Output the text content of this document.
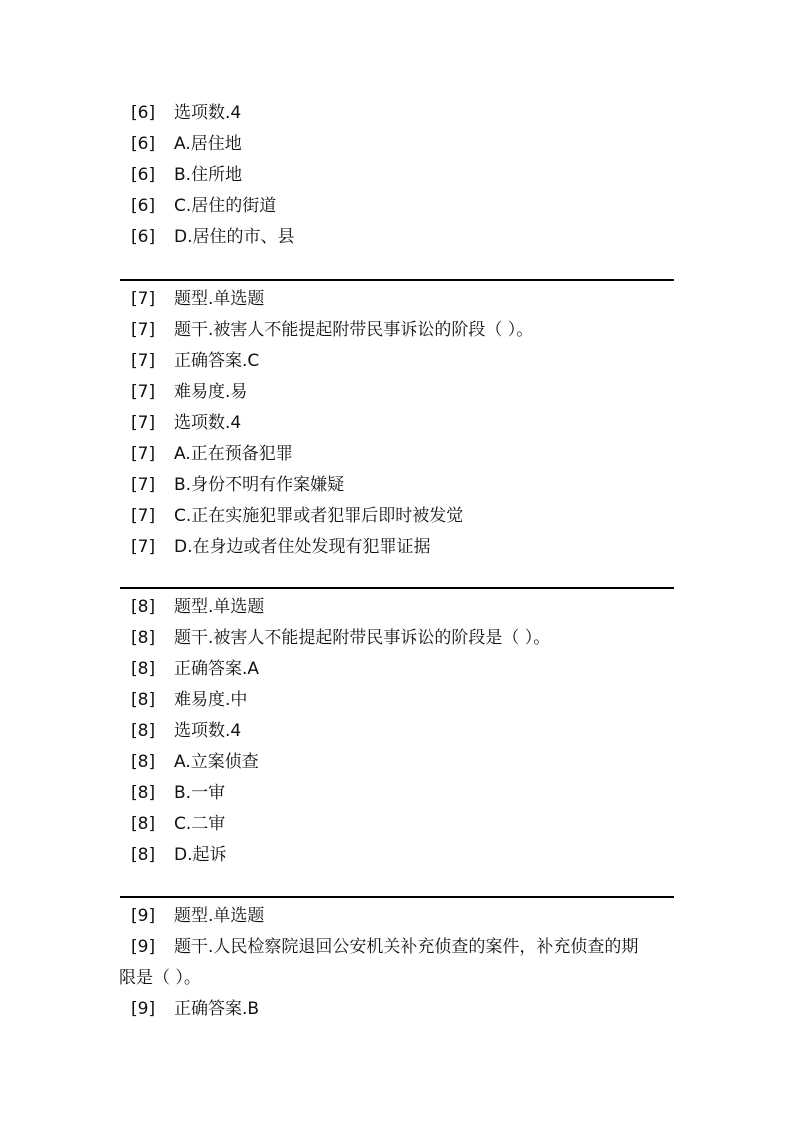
[6] 选项数.4
[6] A.居住地
[6] B.住所地
[6] C.居住的街道
[6] D.居住的市、县
[7] 题型.单选题
[7] 题干.被害人不能提起附带民事诉讼的阶段（ ）。
[7] 正确答案.C
[7] 难易度.易
[7] 选项数.4
[7] A.正在预备犯罪
[7] B.身份不明有作案嫌疑
[7] C.正在实施犯罪或者犯罪后即时被发觉
[7] D.在身边或者住处发现有犯罪证据
[8] 题型.单选题
[8] 题干.被害人不能提起附带民事诉讼的阶段是（ ）。
[8] 正确答案.A
[8] 难易度.中
[8] 选项数.4
[8] A.立案侦查
[8] B.一审
[8] C.二审
[8] D.起诉
[9] 题型.单选题
[9] 题干.人民检察院退回公安机关补充侦查的案件，补充侦查的期
限是（ ）。
[9] 正确答案.B
